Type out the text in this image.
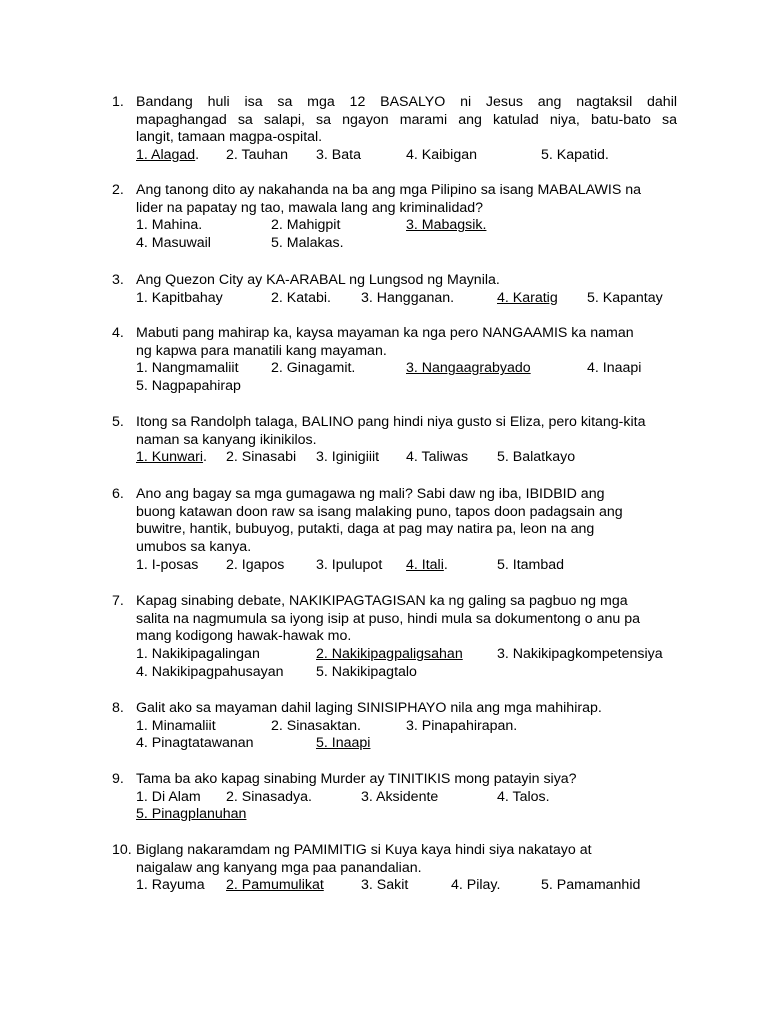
1. Bandang huli isa sa mga 12 BASALYO ni Jesus ang nagtaksil dahil
mapaghangad sa salapi, sa ngayon marami ang katulad niya, batu-bato sa
langit, tamaan magpa-ospital.
1. Alagad. 2. Tauhan 3. Bata	4. Kaibigan	5. Kapatid.
2. Ang tanong dito ay nakahanda na ba ang mga Pilipino sa isang MABALAWIS na
lider na papatay ng tao, mawala lang ang kriminalidad?
1. Mahina.	2. Mahigpit	3. Mabagsik.
4. Masuwail	5. Malakas.
3. Ang Quezon City ay KA-ARABAL ng Lungsod ng Maynila.
1. Kapitbahay	2. Katabi. 3. Hangganan.	4. Karatig 5. Kapantay
4. Mabuti pang mahirap ka, kaysa mayaman ka nga pero NANGAAMIS ka naman
ng kapwa para manatili kang mayaman.
1. Nangmamaliit 2. Ginagamit.	3. Nangaagrabyado	4. Inaapi
5. Nagpapahirap
5. Itong sa Randolph talaga, BALINO pang hindi niya gusto si Eliza, pero kitang-kita
naman sa kanyang ikinikilos.
1. Kunwari. 2. Sinasabi 3. Iginigiiit 4. Taliwas 5. Balatkayo
6. Ano ang bagay sa mga gumagawa ng mali? Sabi daw ng iba, IBIDBID ang
buong katawan doon raw sa isang malaking puno, tapos doon padagsain ang
buwitre, hantik, bubuyog, putakti, daga at pag may natira pa, leon na ang
umubos sa kanya.
1. I-posas 2. Igapos 3. Ipulupot 4. Itali.	5. Itambad
7. Kapag sinabing debate, NAKIKIPAGTAGISAN ka ng galing sa pagbuo ng mga
salita na nagmumula sa iyong isip at puso, hindi mula sa dokumentong o anu pa
mang kodigong hawak-hawak mo.
1. Nakikipagalingan	2. Nakikipagpaligsahan 3. Nakikipagkompetensiya
4. Nakikipagpahusayan 5. Nakikipagtalo
8. Galit ako sa mayaman dahil laging SINISIPHAYO nila ang mga mahihirap.
1. Minamaliit	2. Sinasaktan.	3. Pinapahirapan.
4. Pinagtatawanan	5. Inaapi
9. Tama ba ako kapag sinabing Murder ay TINITIKIS mong patayin siya?
1. Di Alam 2. Sinasadya.	3. Aksidente	4. Talos.
5. Pinagplanuhan
10. Biglang nakaramdam ng PAMIMITIG si Kuya kaya hindi siya nakatayo at
naigalaw ang kanyang mga paa panandalian.
1. Rayuma 2. Pamumulikat	3. Sakit	4. Pilay.	5. Pamamanhid
